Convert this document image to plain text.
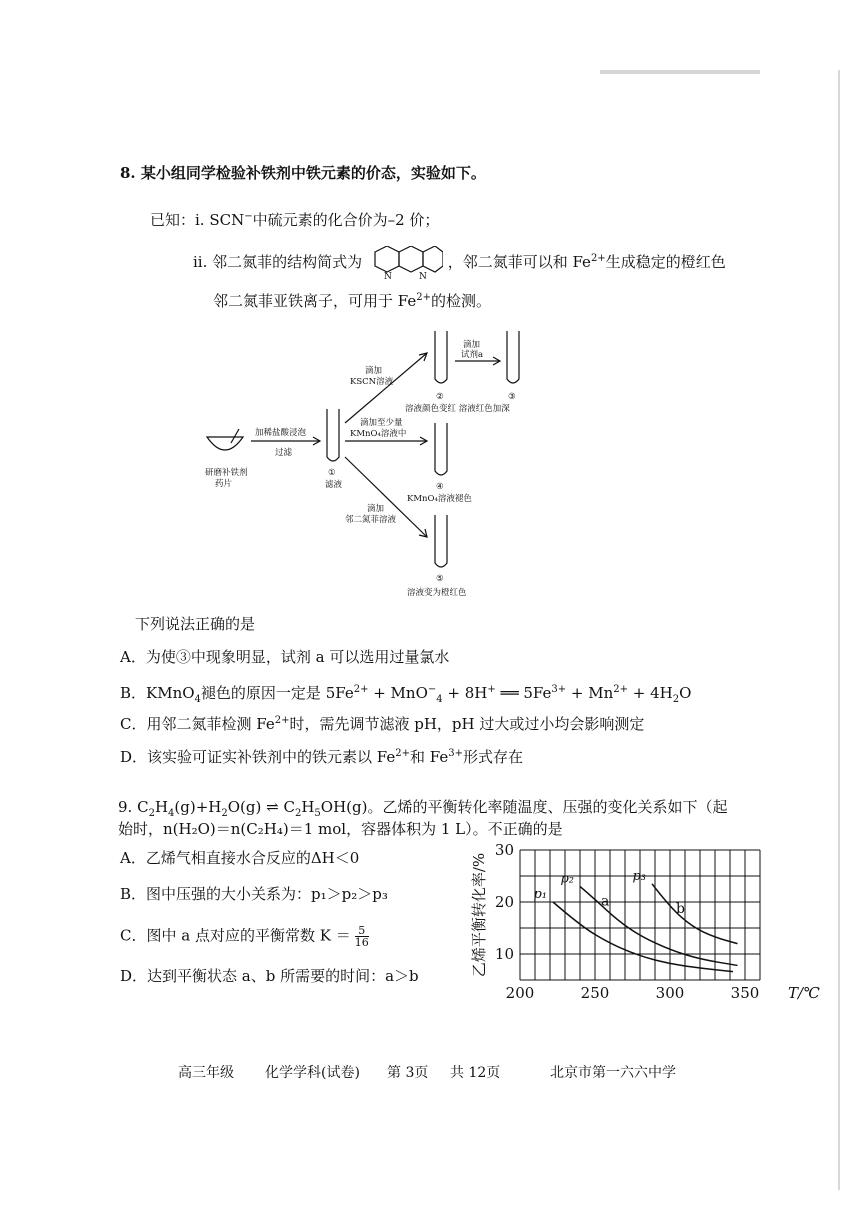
8. 某小组同学检验补铁剂中铁元素的价态，实验如下。
已知：i. SCN−中硫元素的化合价为–2 价；
ii. 邻二氮菲的结构简式为
N	N
，邻二氮菲可以和 $Fe^{2+}$生成稳定的橙红色
邻二氮菲亚铁离子，可用于 $Fe^{2+}$的检测。
研磨补铁剂
药片
加稀盐酸浸泡
过滤
①
滤液
滴加
KSCN溶液
滴加至少量
KMnO₄溶液中
滴加
邻二氮菲溶液
滴加
试剂a
②	③
溶液颜色变红 溶液红色加深
④
KMnO₄溶液褪色
⑤
溶液变为橙红色
下列说法正确的是
A．为使③中现象明显，试剂 a 可以选用过量氯水
B．KMnO$_4$褪色的原因一定是 $5Fe^{2+} + MnO^-_4 + 8H^+$ ══ $5Fe^{3+} + Mn^{2+} + 4H_2O$
C．用邻二氮菲检测 $Fe^{2+}$时，需先调节滤液 pH，pH 过大或过小均会影响测定
D．该实验可证实补铁剂中的铁元素以 $Fe^{2+}$和 $Fe^{3+}$形式存在
9. $C_2H_4(g)+H_2O(g)$ ⇌ $C_2H_5OH(g)$。乙烯的平衡转化率随温度、压强的变化关系如下（起
始时，n(H₂O)＝n(C₂H₄)＝1 mol，容器体积为 1 L）。不正确的是
A．乙烯气相直接水合反应的ΔH＜0
B．图中压强的大小关系为：p₁＞p₂＞p₃
C．图中 a 点对应的平衡常数 $K = \frac{5}{16}$
D．达到平衡状态 a、b 所需要的时间：a＞b
200	250	300	350
10
20
30
T/℃
乙烯平衡转化率/%	p₁
p₂	p₃
a	b
高三年级 化学学科(试卷) 第 3页 共 12页	北京市第一六六中学
